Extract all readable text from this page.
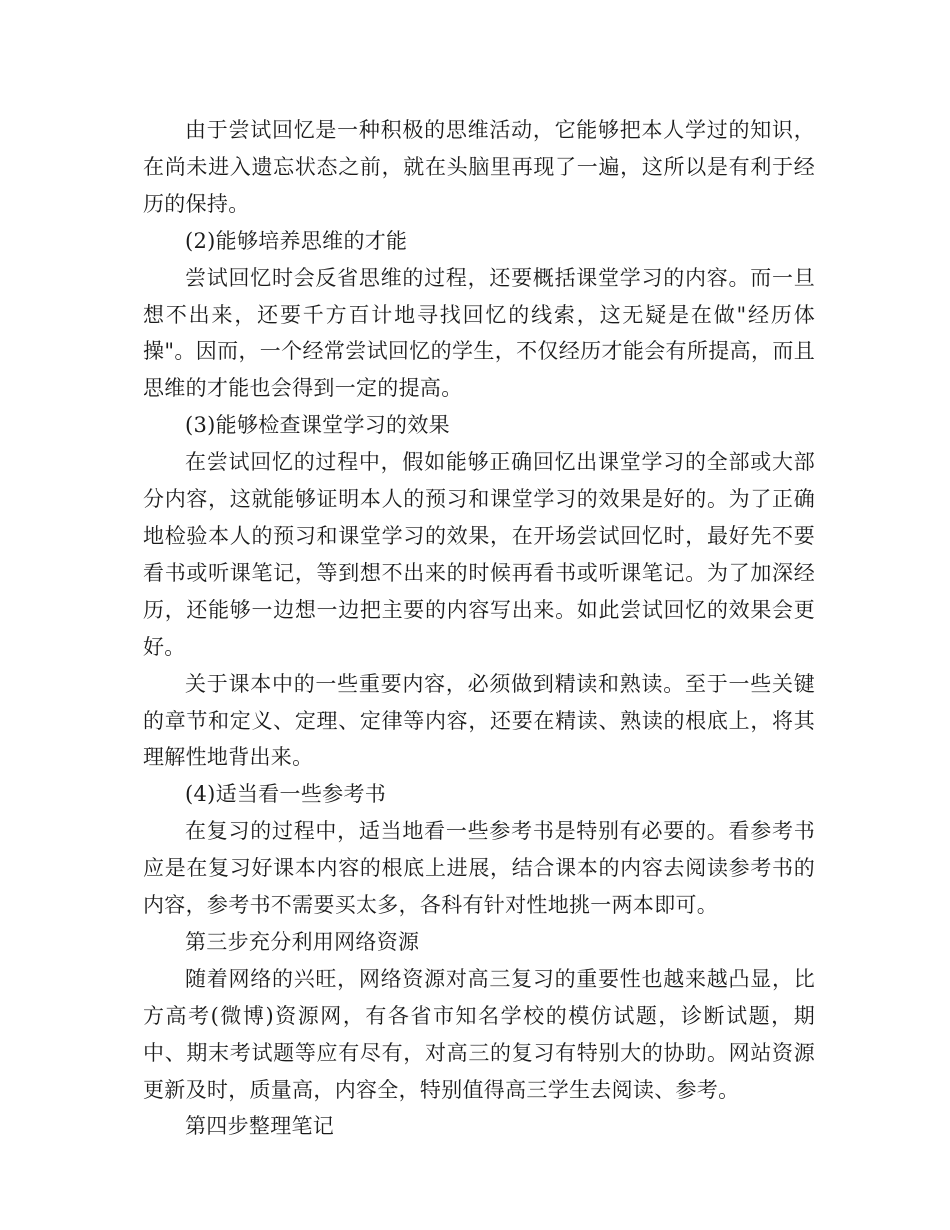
由于尝试回忆是一种积极的思维活动，它能够把本人学过的知识，在尚未进入遗忘状态之前，就在头脑里再现了一遍，这所以是有利于经历的保持。

(2)能够培养思维的才能

尝试回忆时会反省思维的过程，还要概括课堂学习的内容。而一旦想不出来，还要千方百计地寻找回忆的线索，这无疑是在做"经历体操"。因而，一个经常尝试回忆的学生，不仅经历才能会有所提高，而且思维的才能也会得到一定的提高。

(3)能够检查课堂学习的效果

在尝试回忆的过程中，假如能够正确回忆出课堂学习的全部或大部分内容，这就能够证明本人的预习和课堂学习的效果是好的。为了正确地检验本人的预习和课堂学习的效果，在开场尝试回忆时，最好先不要看书或听课笔记，等到想不出来的时候再看书或听课笔记。为了加深经历，还能够一边想一边把主要的内容写出来。如此尝试回忆的效果会更好。

关于课本中的一些重要内容，必须做到精读和熟读。至于一些关键的章节和定义、定理、定律等内容，还要在精读、熟读的根底上，将其理解性地背出来。

(4)适当看一些参考书

在复习的过程中，适当地看一些参考书是特别有必要的。看参考书应是在复习好课本内容的根底上进展，结合课本的内容去阅读参考书的内容，参考书不需要买太多，各科有针对性地挑一两本即可。

第三步充分利用网络资源

随着网络的兴旺，网络资源对高三复习的重要性也越来越凸显，比方高考(微博)资源网，有各省市知名学校的模仿试题，诊断试题，期中、期末考试题等应有尽有，对高三的复习有特别大的协助。网站资源更新及时，质量高，内容全，特别值得高三学生去阅读、参考。

第四步整理笔记
